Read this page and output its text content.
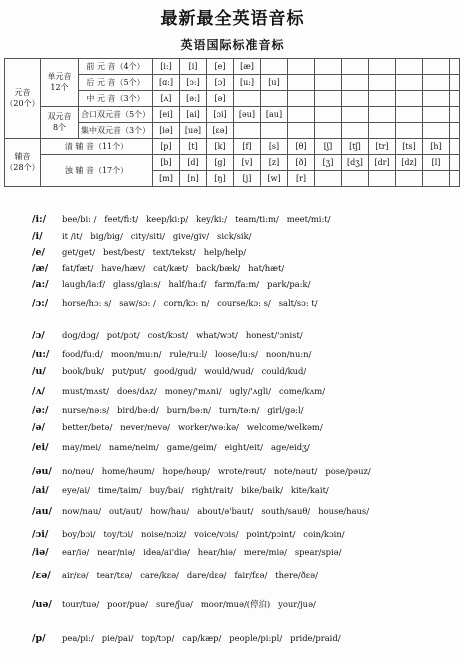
最新最全英语音标
英语国际标准音标
元音
（20个）	单元音
12个	前 元 音（4个）	[i:]	[i]	[e]	[æ]								
		后 元 音（5个）	[ɑ:]	[ɔ:]	[ɔ]	[u:]	[u]							
		中 元 音（3个）	[ʌ]	[ə:]	[ə]									
	双元音
8个	合口双元音（5个）	[ei]	[ai]	[ɔi]	[əu]	[au]							
		集中双元音（3个）	[iə]	[uə]	[ɛə]									
辅音
（28个）	清 辅 音（11个）		[p]	[t]	[k]	[f]	[s]	[θ]	[ʃ]	[tʃ]	[tr]	[ts]	[h]	
	浊 辅 音（17个）		[b]	[d]	[g]	[v]	[z]	[ð]	[ʒ]	[dʒ]	[dr]	[dz]	[l]	
			[m]	[n]	[ŋ]	[j]	[w]	[r]						
/i:/ bee/bi: /   feet/fi:t/   keep/ki:p/   key/ki:/   team/ti:m/   meet/mi:t/
/i/ it /it/   big/big/   city/siti/   give/giv/   sick/sik/
/e/ get/get/   best/best/   text/tekst/   help/help/
/æ/ fat/fæt/   have/hæv/   cat/kæt/   back/bæk/   hat/hæt/
/a:/ laugh/la:f/   glass/gla:s/   half/ha:f/   farm/fa:m/   park/pa:k/
/ɔ:/ horse/hɔ: s/   saw/sɔ: /   corn/kɔ: n/   course/kɔ: s/   salt/sɔ: t/
/ɔ/ dog/dɔg/   pot/pɔt/   cost/kɔst/   what/wɔt/   honest/'ɔnist/
/u:/ food/fu:d/   moon/mu:n/   rule/ru:l/   loose/lu:s/   noon/nu:n/
/u/ book/buk/   put/put/   good/gud/   would/wud/   could/kud/
/ʌ/ must/mʌst/   does/dʌz/   money/'mʌni/   ugly/'ʌgli/   come/kʌm/
/ə:/ nurse/nə:s/   bird/bə:d/   burn/bə:n/   turn/tə:n/   girl/gə:l/
/ə/ better/betə/   never/nevə/   worker/wə:kə/   welcome/welkəm/
/ei/ may/mei/   name/neim/   game/geim/   eight/eit/   age/eidʒ/
/əu/ no/nəu/   home/həum/   hope/həup/   wrote/rəut/   note/nəut/   pose/pəuz/
/ai/ eye/ai/   time/taim/   buy/bai/   right/rait/   bike/baik/   kite/kait/
/au/ now/nau/   out/aut/   how/hau/   about/ə'baut/   south/sauθ/   house/haus/
/ɔi/ boy/bɔi/   toy/tɔi/   noise/nɔiz/   voice/vɔis/   point/pɔint/   coin/kɔin/
/iə/ ear/iə/   near/niə/   idea/ai'diə/   hear/hiə/   mere/miə/   spear/spiə/
/ɛə/ air/ɛə/   tear/tɛə/   care/kɛə/   dare/dɛə/   fair/fɛə/   there/ðɛə/
/uə/ tour/tuə/   poor/puə/   sure/ʃuə/   moor/muə/(停泊)   your/juə/
/p/ pea/pi:/   pie/pai/   top/tɔp/   cap/kæp/   people/pi:pl/   pride/praid/
